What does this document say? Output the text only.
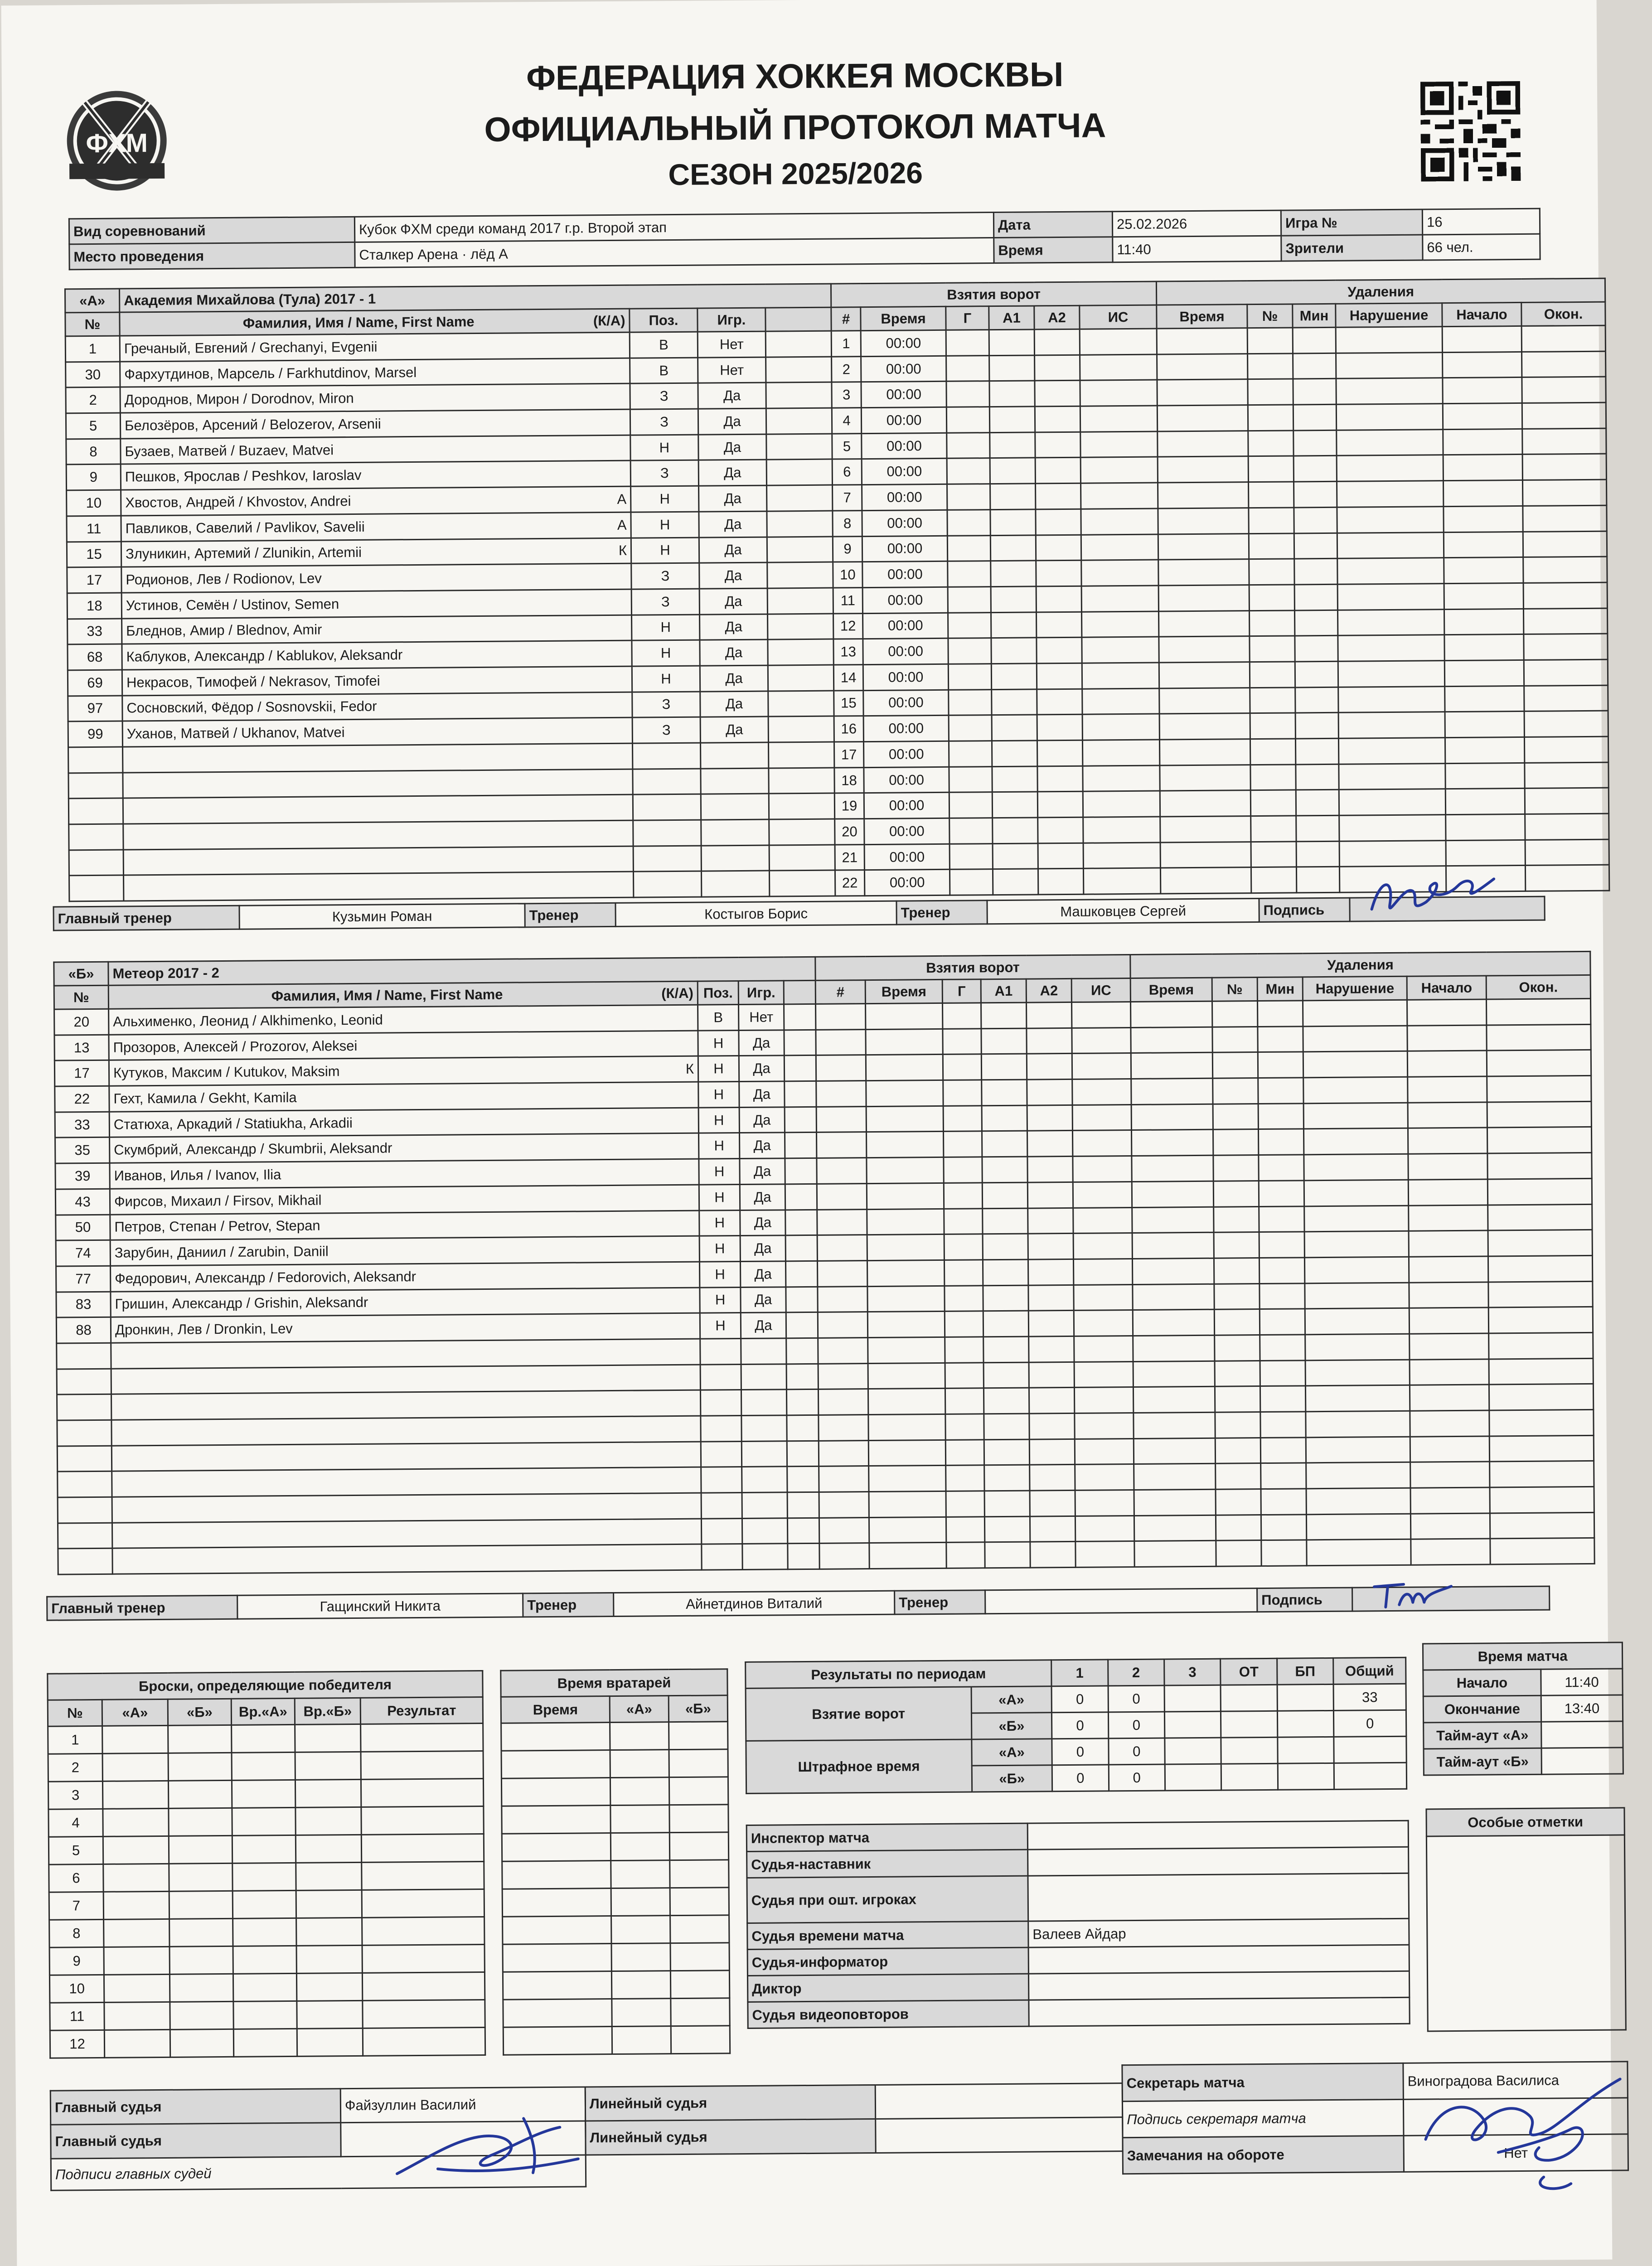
ФХМ
ФЕДЕРАЦИЯ ХОККЕЯ МОСКВЫ
ОФИЦИАЛЬНЫЙ ПРОТОКОЛ МАТЧА
СЕЗОН 2025/2026
Вид соревнований	Кубок ФХМ среди команд 2017 г.р. Второй этап	Дата	25.02.2026	Игра №	16
Место проведения	Сталкер Арена · лёд А	Время	11:40	Зрители	66 чел.
«А»	Академия Михайлова (Тула) 2017 - 1				Взятия ворот						Удаления					
№	Фамилия, Имя / Name, First Name (К/А)	Поз.	Игр.		#	Время	Г	А1	А2	ИС	Время	№	Мин	Нарушение	Начало	Окон.
1	Гречаный, Евгений / Grechanyi, Evgenii	В	Нет		1	00:00										
30	Фархутдинов, Марсель / Farkhutdinov, Marsel	В	Нет		2	00:00										
2	Дороднов, Мирон / Dorodnov, Miron	З	Да		3	00:00										
5	Белозёров, Арсений / Belozerov, Arsenii	З	Да		4	00:00										
8	Бузаев, Матвей / Buzaev, Matvei	Н	Да		5	00:00										
9	Пешков, Ярослав / Peshkov, Iaroslav	З	Да		6	00:00										
10	Хвостов, Андрей / Khvostov, Andrei А	Н	Да		7	00:00										
11	Павликов, Савелий / Pavlikov, Savelii А	Н	Да		8	00:00										
15	Злуникин, Артемий / Zlunikin, Artemii К	Н	Да		9	00:00										
17	Родионов, Лев / Rodionov, Lev	З	Да		10	00:00										
18	Устинов, Семён / Ustinov, Semen	З	Да		11	00:00										
33	Бледнов, Амир / Blednov, Amir	Н	Да		12	00:00										
68	Каблуков, Александр / Kablukov, Aleksandr	Н	Да		13	00:00										
69	Некрасов, Тимофей / Nekrasov, Timofei	Н	Да		14	00:00										
97	Сосновский, Фёдор / Sosnovskii, Fedor	З	Да		15	00:00										
99	Уханов, Матвей / Ukhanov, Matvei	З	Да		16	00:00										

				17	00:00										

				18	00:00										

				19	00:00										

				20	00:00										

				21	00:00										

				22	00:00										
Главный тренер	Кузьмин Роман	Тренер	Костыгов Борис	Тренер	Машковцев Сергей	Подпись	
«Б»	Метеор 2017 - 2				Взятия ворот						Удаления					
№	Фамилия, Имя / Name, First Name (К/А)	Поз.	Игр.		#	Время	Г	А1	А2	ИС	Время	№	Мин	Нарушение	Начало	Окон.
20	Альхименко, Леонид / Alkhimenko, Leonid	В	Нет													
13	Прозоров, Алексей / Prozorov, Aleksei	Н	Да													
17	Кутуков, Максим / Kutukov, Maksim К	Н	Да													
22	Гехт, Камила / Gekht, Kamila	Н	Да													
33	Статюха, Аркадий / Statiukha, Arkadii	Н	Да													
35	Скумбрий, Александр / Skumbrii, Aleksandr	Н	Да													
39	Иванов, Илья / Ivanov, Ilia	Н	Да													
43	Фирсов, Михаил / Firsov, Mikhail	Н	Да													
50	Петров, Степан / Petrov, Stepan	Н	Да													
74	Зарубин, Даниил / Zarubin, Daniil	Н	Да													
77	Федорович, Александр / Fedorovich, Aleksandr	Н	Да													
83	Гришин, Александр / Grishin, Aleksandr	Н	Да													
88	Дронкин, Лев / Dronkin, Lev	Н	Да													

Главный тренер	Гащинский Никита	Тренер	Айнетдинов Виталий	Тренер		Подпись	
Броски, определяющие победителя					
№	«А»	«Б»	Вр.«А»	Вр.«Б»	Результат
1					
2					
3					
4					
5					
6					
7					
8					
9					
10					
11					
12					
Время вратарей		
Время	«А»	«Б»

Результаты по периодам		1	2	3	ОТ	БП	Общий
Взятие ворот	«А»	0	0				33
	«Б»	0	0				0
Штрафное время	«А»	0	0				
	«Б»	0	0				
Время матча	
Начало	11:40
Окончание	13:40
Тайм-аут «А»	
Тайм-аут «Б»	
Инспектор матча	
Судья-наставник	
Судья при ошт. игроках	
Судья времени матча	Валеев Айдар
Судья-информатор	
Диктор	
Судья видеоповторов	
Особые отметки

Главный судья	Файзуллин Василий
Главный судья	
Подписи главных судей	
Линейный судья	
Линейный судья	
Секретарь матча	Виноградова Василиса
Подпись секретаря матча	
Замечания на обороте	Нет
